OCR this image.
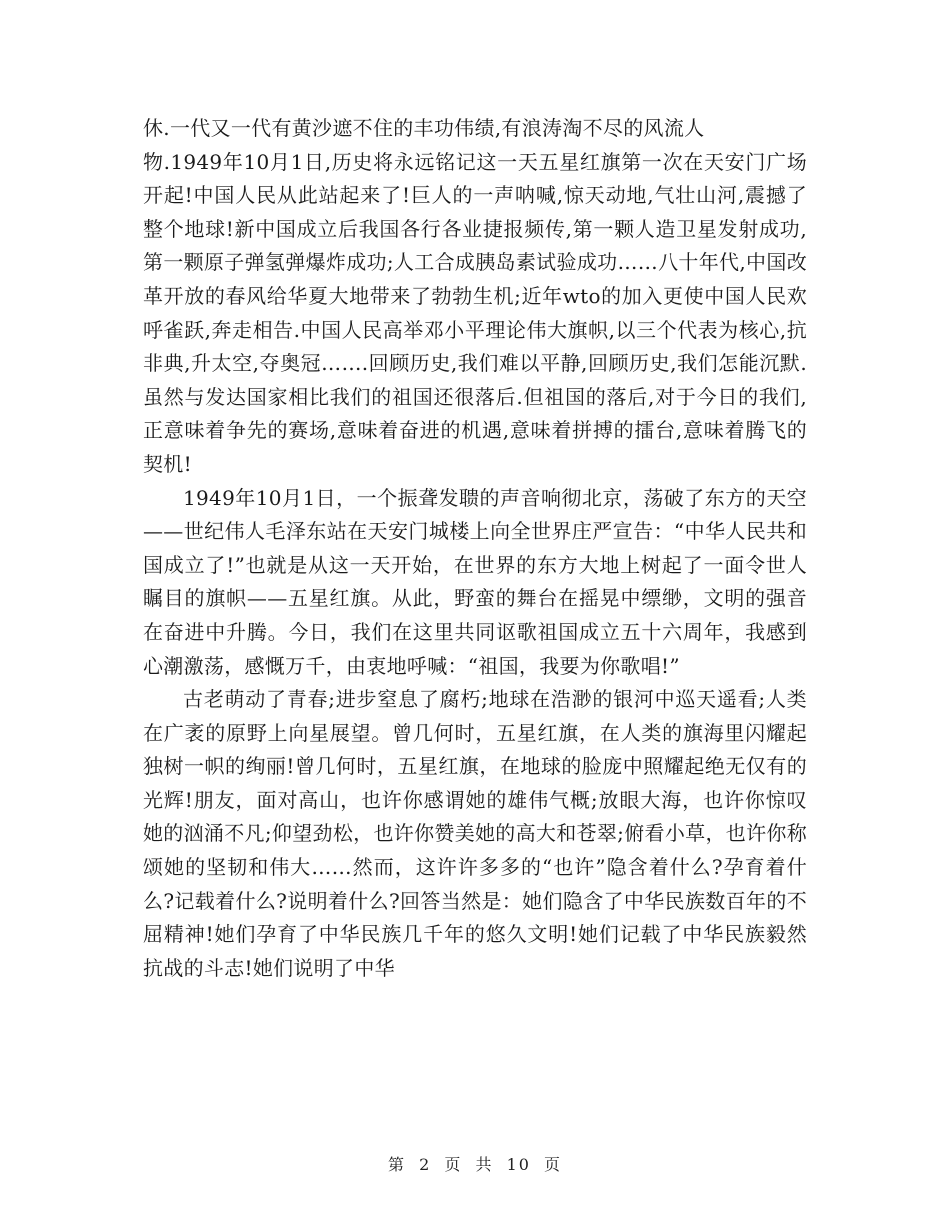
休.一代又一代有黄沙遮不住的丰功伟绩,有浪涛淘不尽的风流人
物.1949年10月1日,历史将永远铭记这一天五星红旗第一次在天安门广场开起!中国人民从此站起来了!巨人的一声呐喊,惊天动地,气壮山河,震撼了整个地球!新中国成立后我国各行各业捷报频传,第一颗人造卫星发射成功,第一颗原子弹氢弹爆炸成功;人工合成胰岛素试验成功……八十年代,中国改革开放的春风给华夏大地带来了勃勃生机;近年wto的加入更使中国人民欢呼雀跃,奔走相告.中国人民高举邓小平理论伟大旗帜,以三个代表为核心,抗非典,升太空,夺奥冠…….回顾历史,我们难以平静,回顾历史,我们怎能沉默.虽然与发达国家相比我们的祖国还很落后.但祖国的落后,对于今日的我们,正意味着争先的赛场,意味着奋进的机遇,意味着拼搏的擂台,意味着腾飞的契机!

1949年10月1日，一个振聋发聩的声音响彻北京，荡破了东方的天空——世纪伟人毛泽东站在天安门城楼上向全世界庄严宣告：“中华人民共和国成立了!”也就是从这一天开始，在世界的东方大地上树起了一面令世人瞩目的旗帜——五星红旗。从此，野蛮的舞台在摇晃中缥缈，文明的强音在奋进中升腾。今日，我们在这里共同讴歌祖国成立五十六周年，我感到心潮激荡，感慨万千，由衷地呼喊：“祖国，我要为你歌唱!”

古老萌动了青春;进步窒息了腐朽;地球在浩渺的银河中巡天遥看;人类在广袤的原野上向星展望。曾几何时，五星红旗，在人类的旗海里闪耀起独树一帜的绚丽!曾几何时，五星红旗，在地球的脸庞中照耀起绝无仅有的光辉!朋友，面对高山，也许你感谓她的雄伟气概;放眼大海，也许你惊叹她的汹涌不凡;仰望劲松，也许你赞美她的高大和苍翠;俯看小草，也许你称颂她的坚韧和伟大……然而，这许许多多的“也许”隐含着什么?孕育着什么?记载着什么?说明着什么?回答当然是：她们隐含了中华民族数百年的不屈精神!她们孕育了中华民族几千年的悠久文明!她们记载了中华民族毅然抗战的斗志!她们说明了中华

第 2 页 共 10 页
